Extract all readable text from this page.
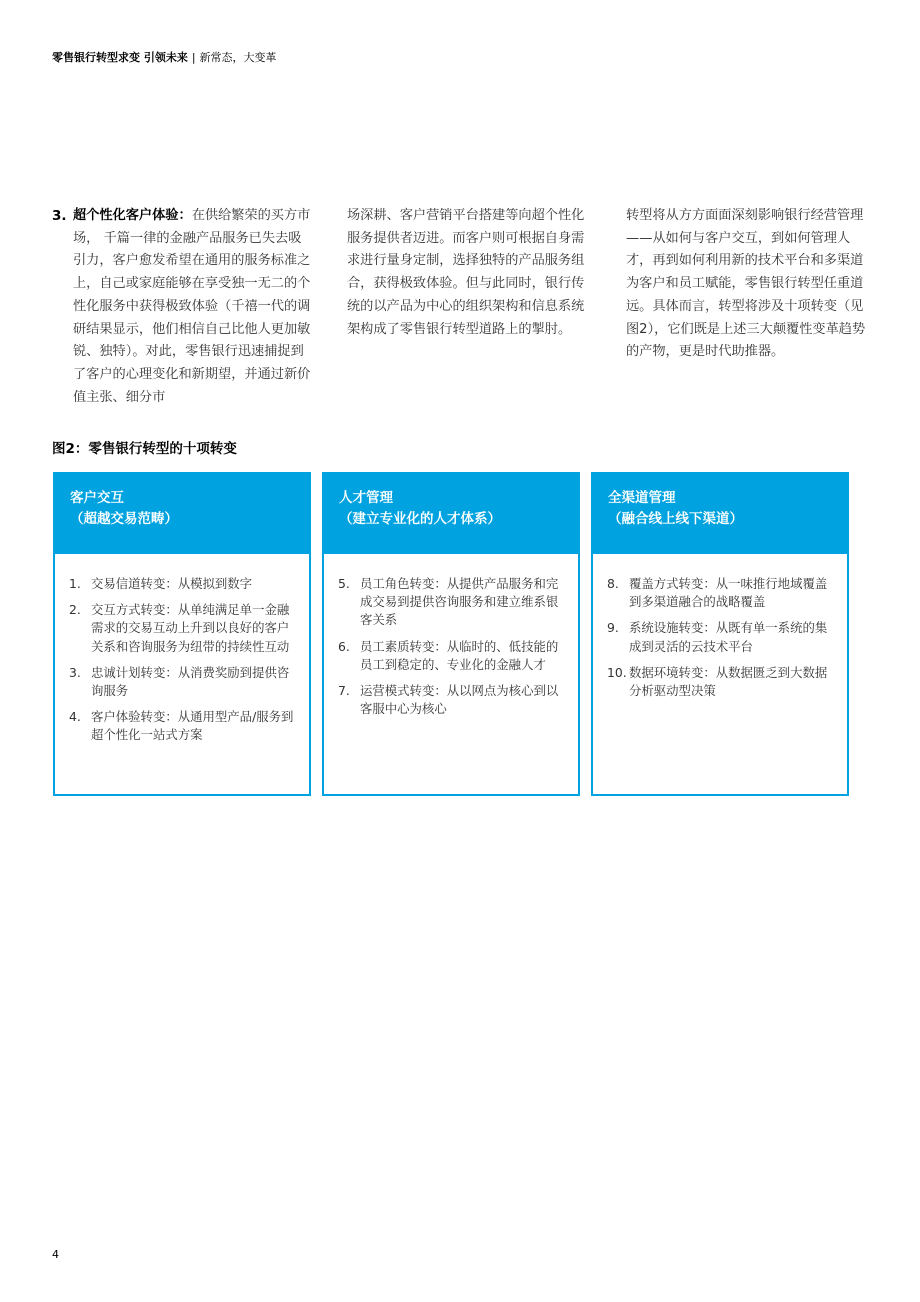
零售银行转型求变 引领未来 | 新常态，大变革
3. 超个性化客户体验：在供给繁荣的买方市场， 千篇一律的金融产品服务已失去吸引力，客户愈发希望在通用的服务标准之上，自己或家庭能够在享受独一无二的个性化服务中获得极致体验（千禧一代的调研结果显示，他们相信自己比他人更加敏锐、独特）。对此，零售银行迅速捕捉到了客户的心理变化和新期望，并通过新价值主张、细分市
场深耕、客户营销平台搭建等向超个性化服务提供者迈进。而客户则可根据自身需求进行量身定制，选择独特的产品服务组合，获得极致体验。但与此同时，银行传统的以产品为中心的组织架构和信息系统架构成了零售银行转型道路上的掣肘。
转型将从方方面面深刻影响银行经营管理——从如何与客户交互，到如何管理人才，再到如何利用新的技术平台和多渠道为客户和员工赋能，零售银行转型任重道远。具体而言，转型将涉及十项转变（见图2），它们既是上述三大颠覆性变革趋势的产物，更是时代助推器。
图2：零售银行转型的十项转变
客户交互
（超越交易范畴）
1. 交易信道转变：从模拟到数字
2. 交互方式转变：从单纯满足单一金融需求的交易互动上升到以良好的客户关系和咨询服务为纽带的持续性互动
3. 忠诚计划转变：从消费奖励到提供咨询服务
4. 客户体验转变：从通用型产品/服务到超个性化一站式方案
人才管理
（建立专业化的人才体系）
5. 员工角色转变：从提供产品服务和完成交易到提供咨询服务和建立维系银客关系
6. 员工素质转变：从临时的、低技能的员工到稳定的、专业化的金融人才
7. 运营模式转变：从以网点为核心到以客服中心为核心
全渠道管理
（融合线上线下渠道）
8. 覆盖方式转变：从一味推行地域覆盖到多渠道融合的战略覆盖
9. 系统设施转变：从既有单一系统的集成到灵活的云技术平台
10. 数据环境转变：从数据匮乏到大数据分析驱动型决策
4
